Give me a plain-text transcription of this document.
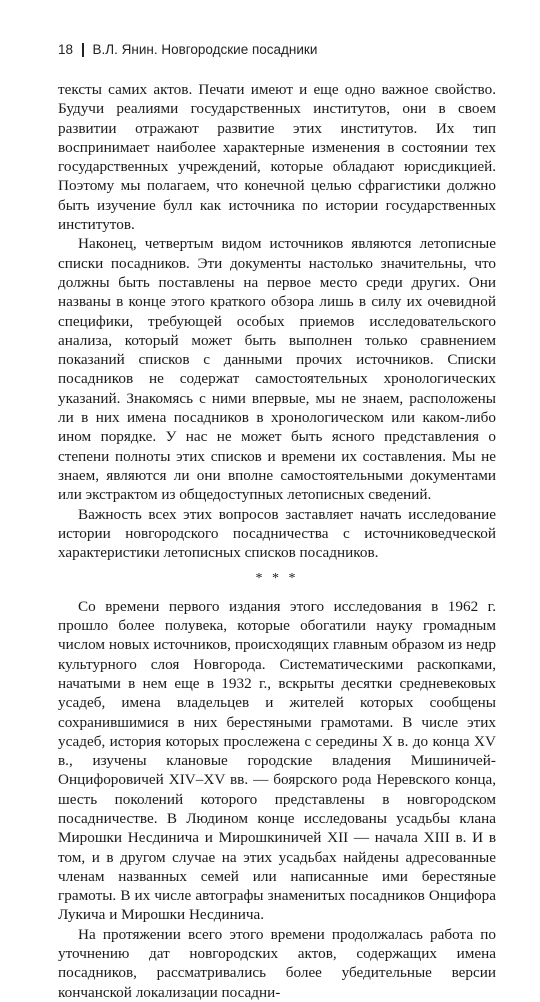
18 В.Л. Янин. Новгородские посадники

тексты самих актов. Печати имеют и еще одно важное свойство. Будучи реалиями государственных институтов, они в своем развитии отражают развитие этих институтов. Их тип воспринимает наиболее характерные изменения в состоянии тех государственных учреждений, которые обладают юрисдикцией. Поэтому мы полагаем, что конечной целью сфрагистики должно быть изучение булл как источника по истории государственных институтов.

Наконец, четвертым видом источников являются летописные списки посадников. Эти документы настолько значительны, что должны быть поставлены на первое место среди других. Они названы в конце этого краткого обзора лишь в силу их очевидной специфики, требующей особых приемов исследовательского анализа, который может быть выполнен только сравнением показаний списков с данными прочих источников. Списки посадников не содержат самостоятельных хронологических указаний. Знакомясь с ними впервые, мы не знаем, расположены ли в них имена посадников в хронологическом или каком-либо ином порядке. У нас не может быть ясного представления о степени полноты этих списков и времени их составления. Мы не знаем, являются ли они вполне самостоятельными документами или экстрактом из общедоступных летописных сведений.

Важность всех этих вопросов заставляет начать исследование истории новгородского посадничества с источниковедческой характеристики летописных списков посадников.

* * *

Со времени первого издания этого исследования в 1962 г. прошло более полувека, которые обогатили науку громадным числом новых источников, происходящих главным образом из недр культурного слоя Новгорода. Систематическими раскопками, начатыми в нем еще в 1932 г., вскрыты десятки средневековых усадеб, имена владельцев и жителей которых сообщены сохранившимися в них берестяными грамотами. В числе этих усадеб, история которых прослежена с середины X в. до конца XV в., изучены клановые городские владения Мишиничей-Онцифоровичей XIV–XV вв. — боярского рода Неревского конца, шесть поколений которого представлены в новгородском посадничестве. В Людином конце исследованы усадьбы клана Мирошки Несдинича и Мирошкиничей XII — начала XIII в. И в том, и в другом случае на этих усадьбах найдены адресованные членам названных семей или написанные ими берестяные грамоты. В их числе автографы знаменитых посадников Онцифора Лукича и Мирошки Несдинича.

На протяжении всего этого времени продолжалась работа по уточнению дат новгородских актов, содержащих имена посадников, рассматривались более убедительные версии кончанской локализации посадни-
